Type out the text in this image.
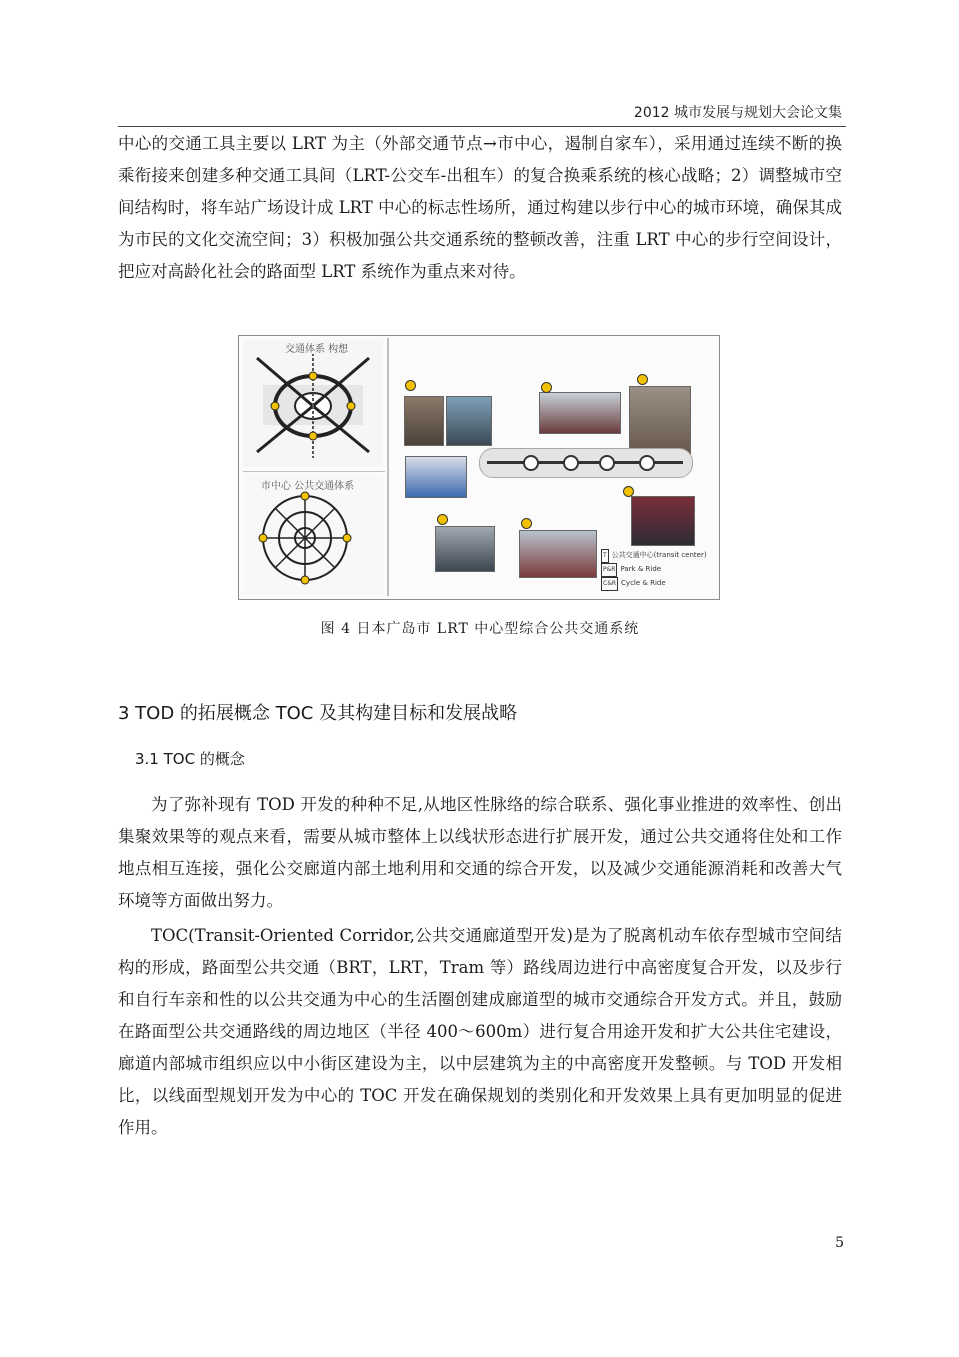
2012 城市发展与规划大会论文集

中心的交通工具主要以 LRT 为主（外部交通节点→市中心，遏制自家车），采用通过连续不断的换乘衔接来创建多种交通工具间（LRT-公交车-出租车）的复合换乘系统的核心战略；2）调整城市空间结构时，将车站广场设计成 LRT 中心的标志性场所，通过构建以步行中心的城市环境，确保其成为市民的文化交流空间；3）积极加强公共交通系统的整顿改善，注重 LRT 中心的步行空间设计，把应对高龄化社会的路面型 LRT 系统作为重点来对待。

交通体系 构想
市中心 公共交通体系
T 公共交通中心(transit center)
P&R Park & Ride
C&R Cycle & Ride
图 4 日本广岛市 LRT 中心型综合公共交通系统
3 TOD 的拓展概念 TOC 及其构建目标和发展战略
3.1 TOC 的概念

为了弥补现有 TOD 开发的种种不足,从地区性脉络的综合联系、强化事业推进的效率性、创出集聚效果等的观点来看，需要从城市整体上以线状形态进行扩展开发，通过公共交通将住处和工作地点相互连接，强化公交廊道内部土地利用和交通的综合开发，以及减少交通能源消耗和改善大气环境等方面做出努力。

TOC(Transit-Oriented Corridor,公共交通廊道型开发)是为了脱离机动车依存型城市空间结构的形成，路面型公共交通（BRT，LRT，Tram 等）路线周边进行中高密度复合开发，以及步行和自行车亲和性的以公共交通为中心的生活圈创建成廊道型的城市交通综合开发方式。并且，鼓励在路面型公共交通路线的周边地区（半径 400～600m）进行复合用途开发和扩大公共住宅建设，廊道内部城市组织应以中小街区建设为主，以中层建筑为主的中高密度开发整顿。与 TOD 开发相比，以线面型规划开发为中心的 TOC 开发在确保规划的类别化和开发效果上具有更加明显的促进作用。

5
